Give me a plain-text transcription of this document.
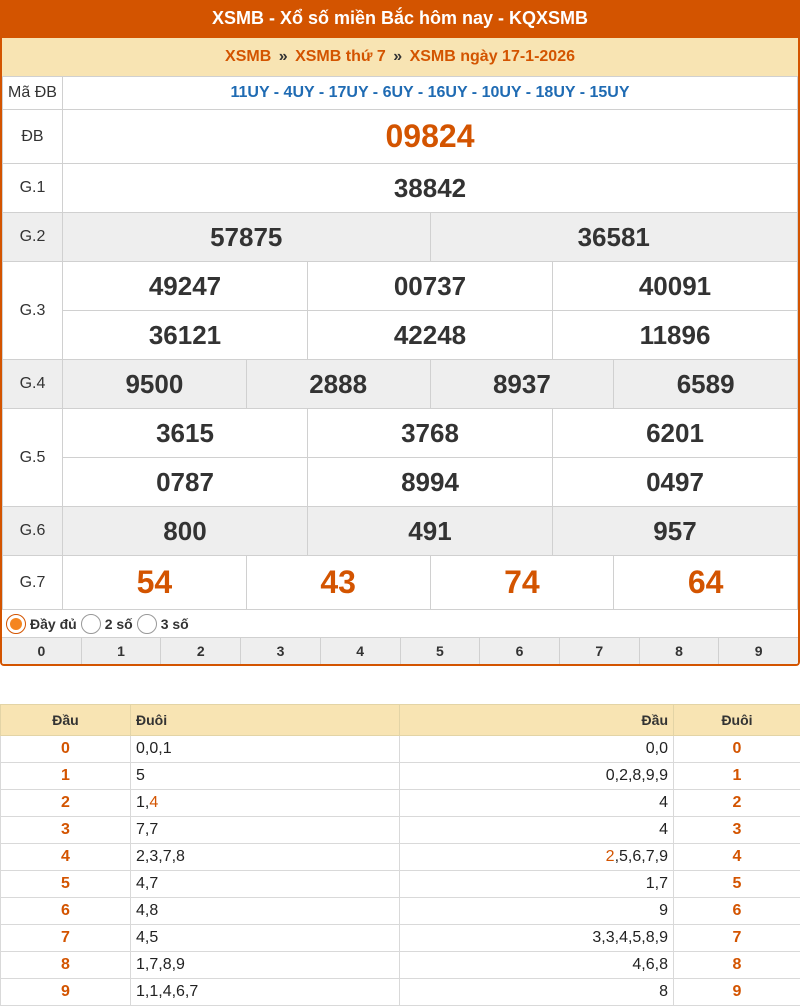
XSMB - Xổ số miền Bắc hôm nay - KQXSMB
XSMB » XSMB thứ 7 » XSMB ngày 17-1-2026
Mã ĐB	11UY - 4UY - 17UY - 6UY - 16UY - 10UY - 18UY - 15UY					
ĐB	09824					
G.1	38842					
G.2	57875			36581		
G.3	49247		00737		40091	
	36121		42248		11896	
G.4	9500	2888		8937		6589
G.5	3615		3768		6201	
	0787		8994		0497	
G.6	800		491		957	
G.7	54	43		74		64
Đầy đủ 2 số 3 số
0	1	2	3	4	5	6	7	8	9
Đầu	Đuôi	Đầu	Đuôi
0	0,0,1	0,0	0
1	5	0,2,8,9,9	1
2	1,4	4	2
3	7,7	4	3
4	2,3,7,8	2,5,6,7,9	4
5	4,7	1,7	5
6	4,8	9	6
7	4,5	3,3,4,5,8,9	7
8	1,7,8,9	4,6,8	8
9	1,1,4,6,7	8	9
